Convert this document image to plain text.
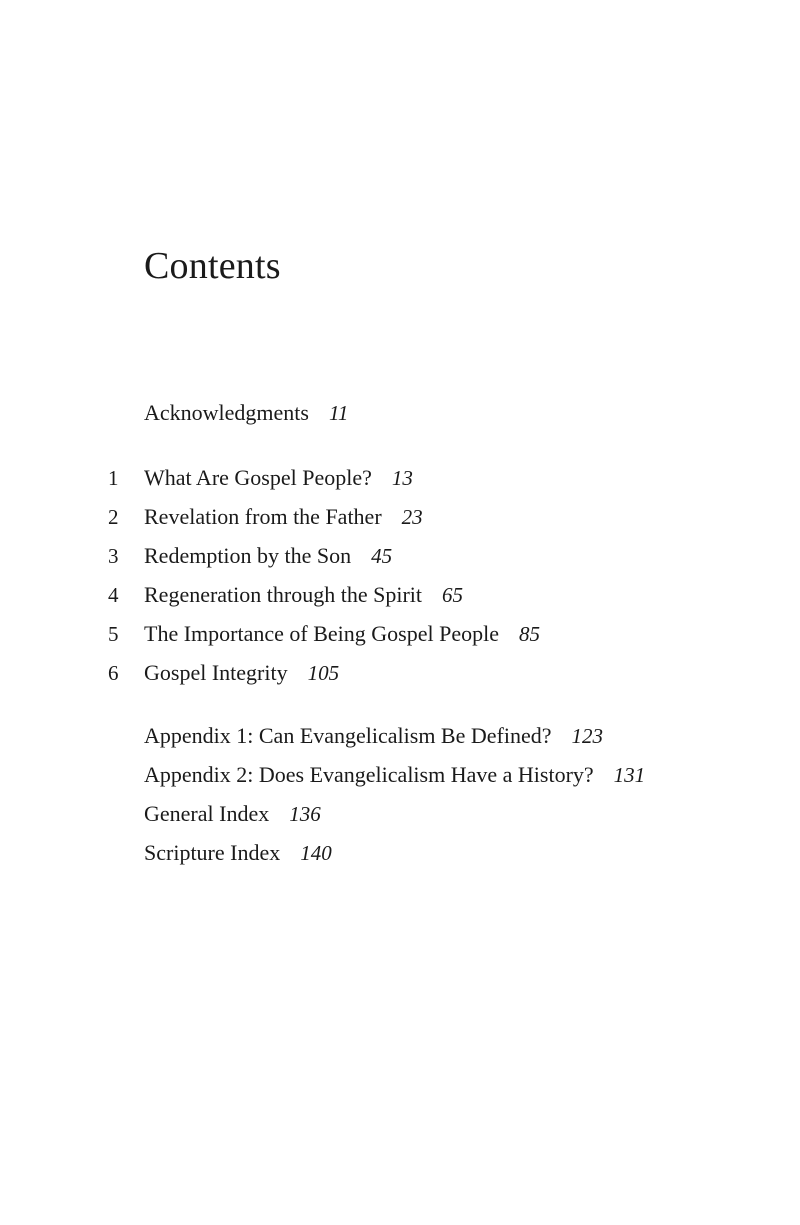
Contents
Acknowledgments 11
1	What Are Gospel People? 13
2	Revelation from the Father 23
3	Redemption by the Son 45
4	Regeneration through the Spirit 65
5	The Importance of Being Gospel People 85
6	Gospel Integrity 105
Appendix 1: Can Evangelicalism Be Defined? 123
Appendix 2: Does Evangelicalism Have a History? 131
General Index 136
Scripture Index 140
